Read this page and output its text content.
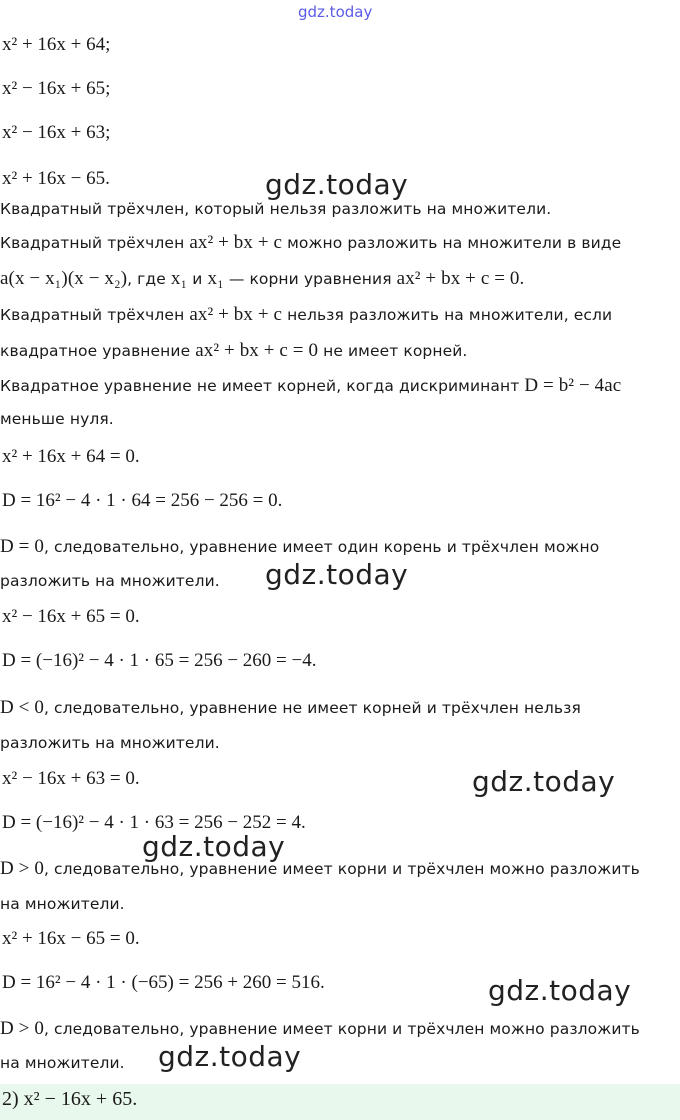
gdz.today
x² + 16x + 64;
x² − 16x + 65;
x² − 16x + 63;
x² + 16x − 65.
Квадратный трёхчлен, который нельзя разложить на множители.
Квадратный трёхчлен ax² + bx + c можно разложить на множители в виде
a(x − x₁)(x − x₂), где x₁ и x₁ — корни уравнения ax² + bx + c = 0.
Квадратный трёхчлен ax² + bx + c нельзя разложить на множители, если
квадратное уравнение ax² + bx + c = 0 не имеет корней.
Квадратное уравнение не имеет корней, когда дискриминант D = b² − 4ac
меньше нуля.
x² + 16x + 64 = 0.
D = 16² − 4 · 1 · 64 = 256 − 256 = 0.
D = 0, следовательно, уравнение имеет один корень и трёхчлен можно
разложить на множители.
x² − 16x + 65 = 0.
D = (−16)² − 4 · 1 · 65 = 256 − 260 = −4.
D < 0, следовательно, уравнение не имеет корней и трёхчлен нельзя
разложить на множители.
x² − 16x + 63 = 0.
D = (−16)² − 4 · 1 · 63 = 256 − 252 = 4.
D > 0, следовательно, уравнение имеет корни и трёхчлен можно разложить
на множители.
x² + 16x − 65 = 0.
D = 16² − 4 · 1 · (−65) = 256 + 260 = 516.
D > 0, следовательно, уравнение имеет корни и трёхчлен можно разложить
на множители.
2) x² − 16x + 65.
gdz.today
gdz.today
gdz.today
gdz.today
gdz.today
gdz.today
